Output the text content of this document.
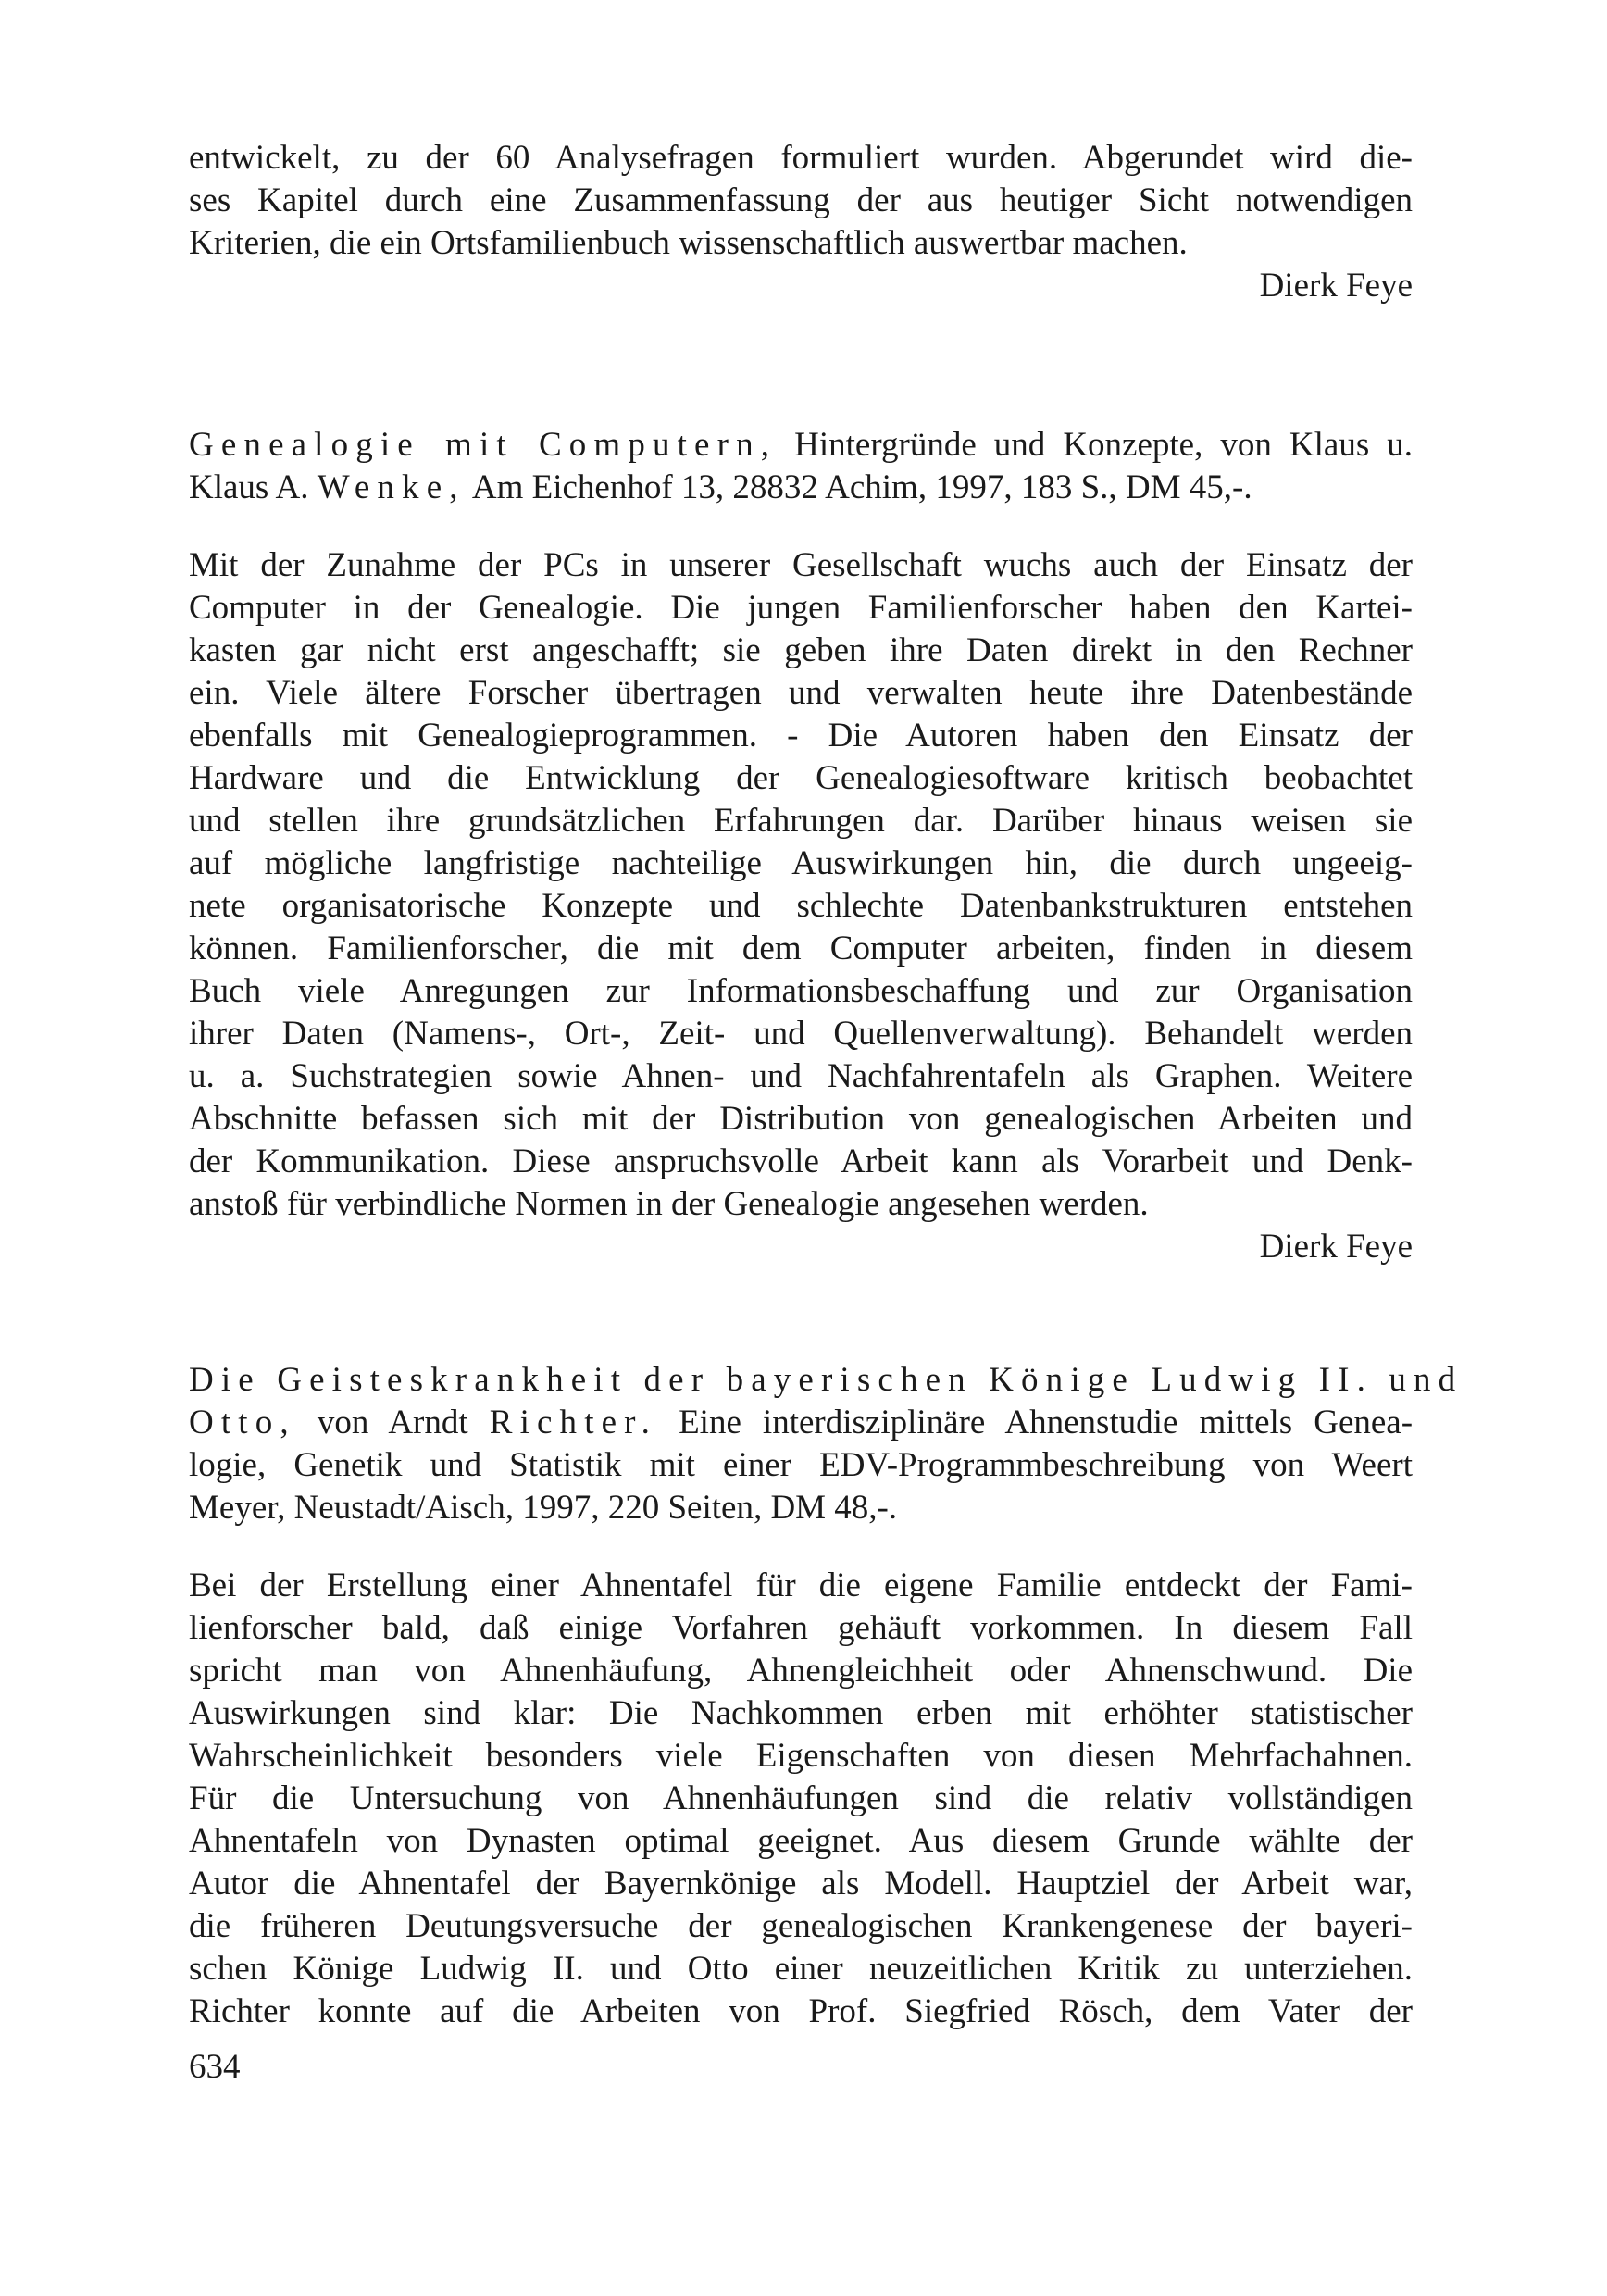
entwickelt, zu der 60 Analysefragen formuliert wurden. Abgerundet wird die-
ses Kapitel durch eine Zusammenfassung der aus heutiger Sicht notwendigen
Kriterien, die ein Ortsfamilienbuch wissenschaftlich auswertbar machen.
Dierk Feye
Genealogie mit Computern, Hintergründe und Konzepte, von Klaus u.
Klaus A. Wenke, Am Eichenhof 13, 28832 Achim, 1997, 183 S., DM 45,-.
Mit der Zunahme der PCs in unserer Gesellschaft wuchs auch der Einsatz der
Computer in der Genealogie. Die jungen Familienforscher haben den Kartei-
kasten gar nicht erst angeschafft; sie geben ihre Daten direkt in den Rechner
ein. Viele ältere Forscher übertragen und verwalten heute ihre Datenbestände
ebenfalls mit Genealogieprogrammen. - Die Autoren haben den Einsatz der
Hardware und die Entwicklung der Genealogiesoftware kritisch beobachtet
und stellen ihre grundsätzlichen Erfahrungen dar. Darüber hinaus weisen sie
auf mögliche langfristige nachteilige Auswirkungen hin, die durch ungeeig-
nete organisatorische Konzepte und schlechte Datenbankstrukturen entstehen
können. Familienforscher, die mit dem Computer arbeiten, finden in diesem
Buch viele Anregungen zur Informationsbeschaffung und zur Organisation
ihrer Daten (Namens-, Ort-, Zeit- und Quellenverwaltung). Behandelt werden
u. a. Suchstrategien sowie Ahnen- und Nachfahrentafeln als Graphen. Weitere
Abschnitte befassen sich mit der Distribution von genealogischen Arbeiten und
der Kommunikation. Diese anspruchsvolle Arbeit kann als Vorarbeit und Denk-
anstoß für verbindliche Normen in der Genealogie angesehen werden.
Dierk Feye
Die Geisteskrankheit der bayerischen Könige Ludwig II. und
Otto, von Arndt Richter. Eine interdisziplinäre Ahnenstudie mittels Genea-
logie, Genetik und Statistik mit einer EDV-Programmbeschreibung von Weert
Meyer, Neustadt/Aisch, 1997, 220 Seiten, DM 48,-.
Bei der Erstellung einer Ahnentafel für die eigene Familie entdeckt der Fami-
lienforscher bald, daß einige Vorfahren gehäuft vorkommen. In diesem Fall
spricht man von Ahnenhäufung, Ahnengleichheit oder Ahnenschwund. Die
Auswirkungen sind klar: Die Nachkommen erben mit erhöhter statistischer
Wahrscheinlichkeit besonders viele Eigenschaften von diesen Mehrfachahnen.
Für die Untersuchung von Ahnenhäufungen sind die relativ vollständigen
Ahnentafeln von Dynasten optimal geeignet. Aus diesem Grunde wählte der
Autor die Ahnentafel der Bayernkönige als Modell. Hauptziel der Arbeit war,
die früheren Deutungsversuche der genealogischen Krankengenese der bayeri-
schen Könige Ludwig II. und Otto einer neuzeitlichen Kritik zu unterziehen.
Richter konnte auf die Arbeiten von Prof. Siegfried Rösch, dem Vater der
634
